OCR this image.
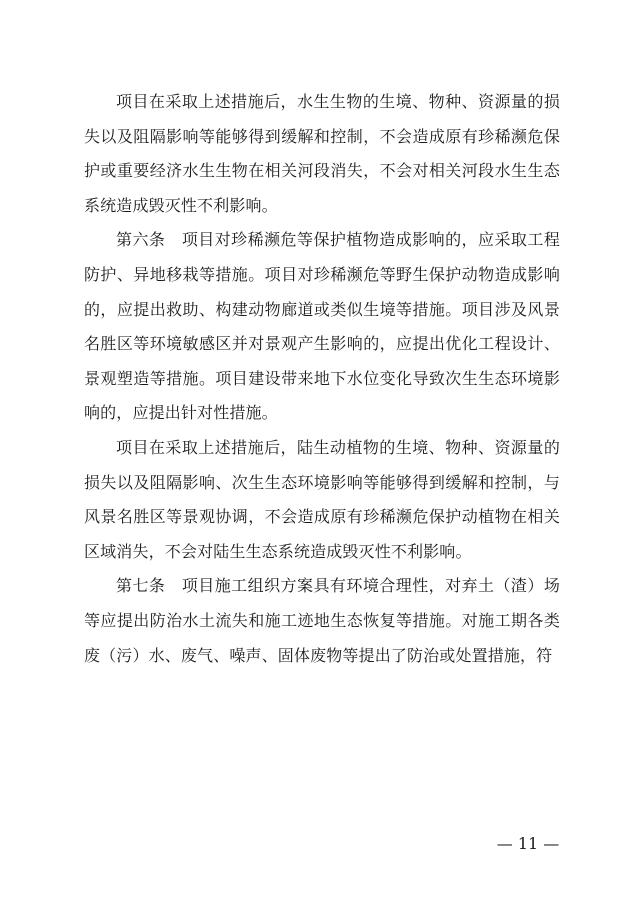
项目在采取上述措施后，水生生物的生境、物种、资源量的损失以及阻隔影响等能够得到缓解和控制，不会造成原有珍稀濒危保护或重要经济水生生物在相关河段消失，不会对相关河段水生生态系统造成毁灭性不利影响。

第六条　项目对珍稀濒危等保护植物造成影响的，应采取工程防护、异地移栽等措施。项目对珍稀濒危等野生保护动物造成影响的，应提出救助、构建动物廊道或类似生境等措施。项目涉及风景名胜区等环境敏感区并对景观产生影响的，应提出优化工程设计、景观塑造等措施。项目建设带来地下水位变化导致次生生态环境影响的，应提出针对性措施。

项目在采取上述措施后，陆生动植物的生境、物种、资源量的损失以及阻隔影响、次生生态环境影响等能够得到缓解和控制，与风景名胜区等景观协调，不会造成原有珍稀濒危保护动植物在相关区域消失，不会对陆生生态系统造成毁灭性不利影响。

第七条　项目施工组织方案具有环境合理性，对弃土（渣）场等应提出防治水土流失和施工迹地生态恢复等措施。对施工期各类废（污）水、废气、噪声、固体废物等提出了防治或处置措施，符

— 11 —
